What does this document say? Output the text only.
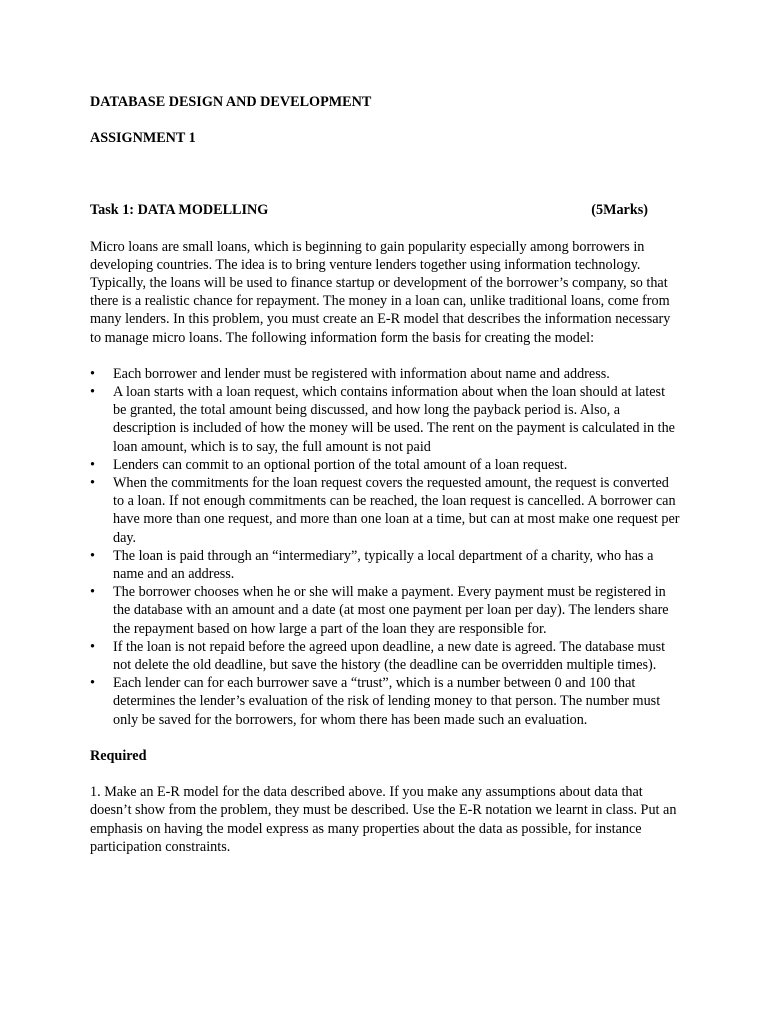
DATABASE DESIGN AND DEVELOPMENT

ASSIGNMENT 1

Task 1: DATA MODELLING	(5Marks)

Micro loans are small loans, which is beginning to gain popularity especially among borrowers in developing countries. The idea is to bring venture lenders together using information technology. Typically, the loans will be used to finance startup or development of the borrower’s company, so that there is a realistic chance for repayment. The money in a loan can, unlike traditional loans, come from many lenders. In this problem, you must create an E-R model that describes the information necessary to manage micro loans. The following information form the basis for creating the model:

•	Each borrower and lender must be registered with information about name and address.
•	A loan starts with a loan request, which contains information about when the loan should at latest be granted, the total amount being discussed, and how long the payback period is. Also, a description is included of how the money will be used. The rent on the payment is calculated in the loan amount, which is to say, the full amount is not paid
•	Lenders can commit to an optional portion of the total amount of a loan request.
•	When the commitments for the loan request covers the requested amount, the request is converted to a loan. If not enough commitments can be reached, the loan request is cancelled. A borrower can have more than one request, and more than one loan at a time, but can at most make one request per day.
•	The loan is paid through an “intermediary”, typically a local department of a charity, who has a name and an address.
•	The borrower chooses when he or she will make a payment. Every payment must be registered in the database with an amount and a date (at most one payment per loan per day). The lenders share the repayment based on how large a part of the loan they are responsible for.
•	If the loan is not repaid before the agreed upon deadline, a new date is agreed. The database must not delete the old deadline, but save the history (the deadline can be overridden multiple times).
•	Each lender can for each burrower save a “trust”, which is a number between 0 and 100 that determines the lender’s evaluation of the risk of lending money to that person. The number must only be saved for the borrowers, for whom there has been made such an evaluation.

Required

1. Make an E-R model for the data described above. If you make any assumptions about data that doesn’t show from the problem, they must be described. Use the E-R notation we learnt in class. Put an emphasis on having the model express as many properties about the data as possible, for instance participation constraints.
